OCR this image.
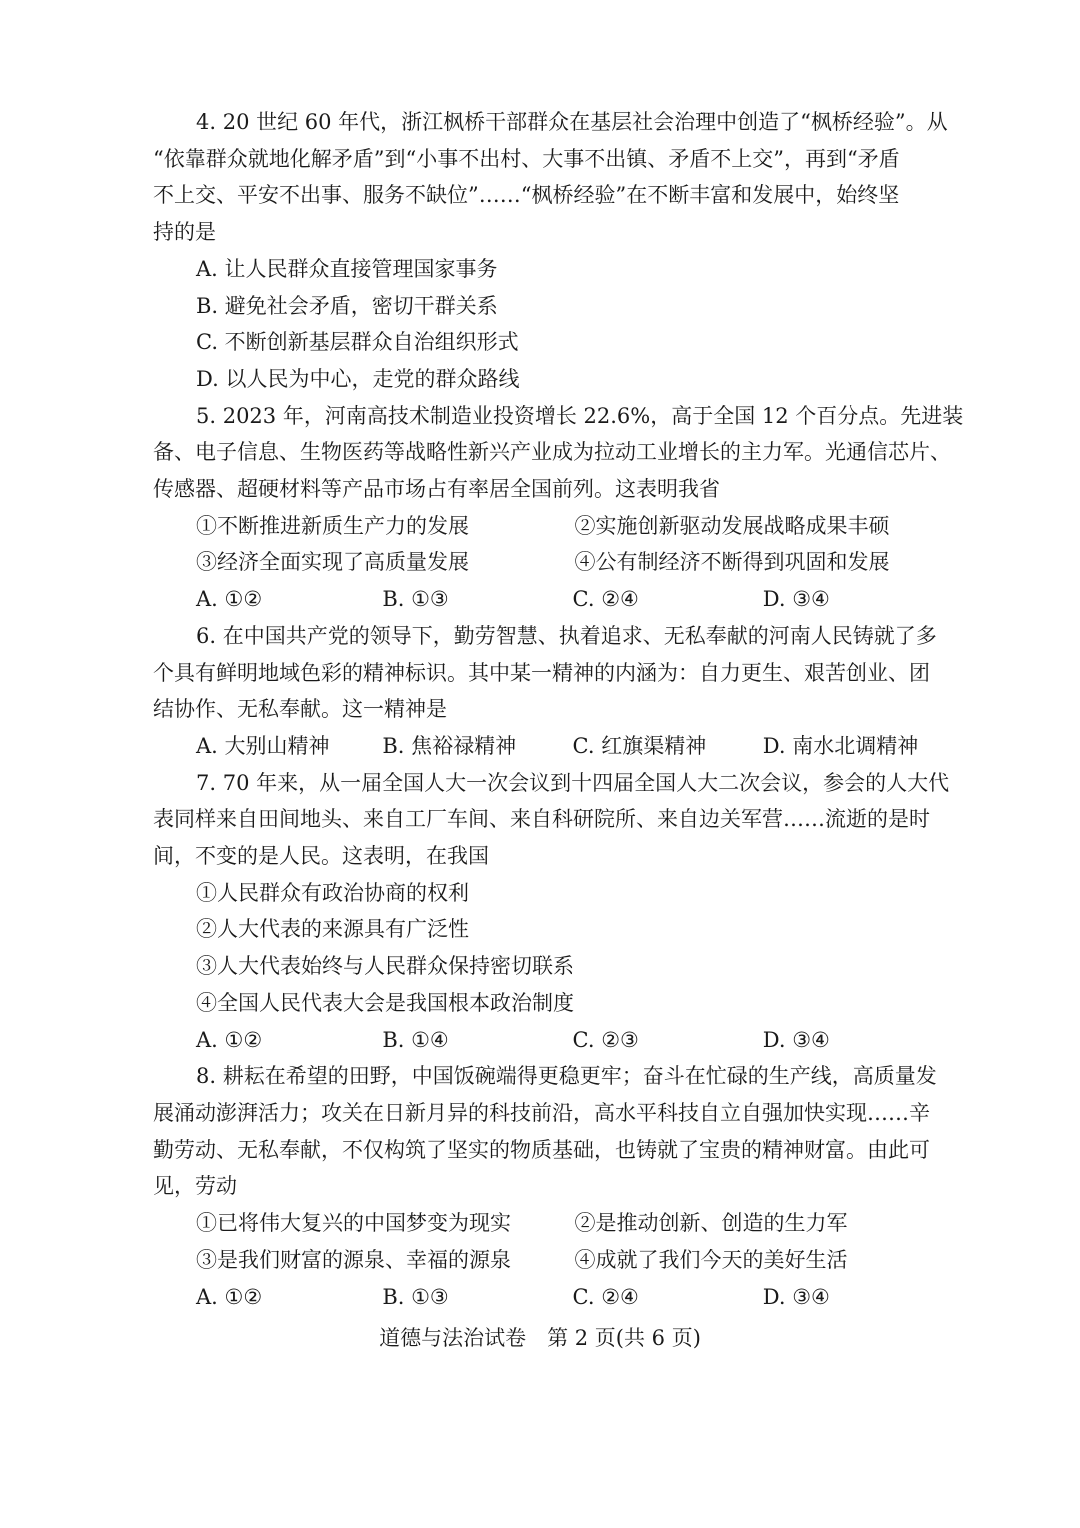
4. 20 世纪 60 年代，浙江枫桥干部群众在基层社会治理中创造了“枫桥经验”。从

“依靠群众就地化解矛盾”到“小事不出村、大事不出镇、矛盾不上交”，再到“矛盾

不上交、平安不出事、服务不缺位”……“枫桥经验”在不断丰富和发展中，始终坚

持的是

A. 让人民群众直接管理国家事务

B. 避免社会矛盾，密切干群关系

C. 不断创新基层群众自治组织形式

D. 以人民为中心，走党的群众路线

5. 2023 年，河南高技术制造业投资增长 22.6%，高于全国 12 个百分点。先进装

备、电子信息、生物医药等战略性新兴产业成为拉动工业增长的主力军。光通信芯片、

传感器、超硬材料等产品市场占有率居全国前列。这表明我省

①不断推进新质生产力的发展	②实施创新驱动发展战略成果丰硕
③经济全面实现了高质量发展	④公有制经济不断得到巩固和发展
A. ①②	B. ①③	C. ②④	D. ③④

6. 在中国共产党的领导下，勤劳智慧、执着追求、无私奉献的河南人民铸就了多

个具有鲜明地域色彩的精神标识。其中某一精神的内涵为：自力更生、艰苦创业、团

结协作、无私奉献。这一精神是

A. 大别山精神	B. 焦裕禄精神	C. 红旗渠精神	D. 南水北调精神

7. 70 年来，从一届全国人大一次会议到十四届全国人大二次会议，参会的人大代

表同样来自田间地头、来自工厂车间、来自科研院所、来自边关军营……流逝的是时

间，不变的是人民。这表明，在我国

①人民群众有政治协商的权利

②人大代表的来源具有广泛性

③人大代表始终与人民群众保持密切联系

④全国人民代表大会是我国根本政治制度

A. ①②	B. ①④	C. ②③	D. ③④

8. 耕耘在希望的田野，中国饭碗端得更稳更牢；奋斗在忙碌的生产线，高质量发

展涌动澎湃活力；攻关在日新月异的科技前沿，高水平科技自立自强加快实现……辛

勤劳动、无私奉献，不仅构筑了坚实的物质基础，也铸就了宝贵的精神财富。由此可

见，劳动

①已将伟大复兴的中国梦变为现实	②是推动创新、创造的生力军
③是我们财富的源泉、幸福的源泉	④成就了我们今天的美好生活
A. ①②	B. ①③	C. ②④	D. ③④
道德与法治试卷　第 2 页(共 6 页)
